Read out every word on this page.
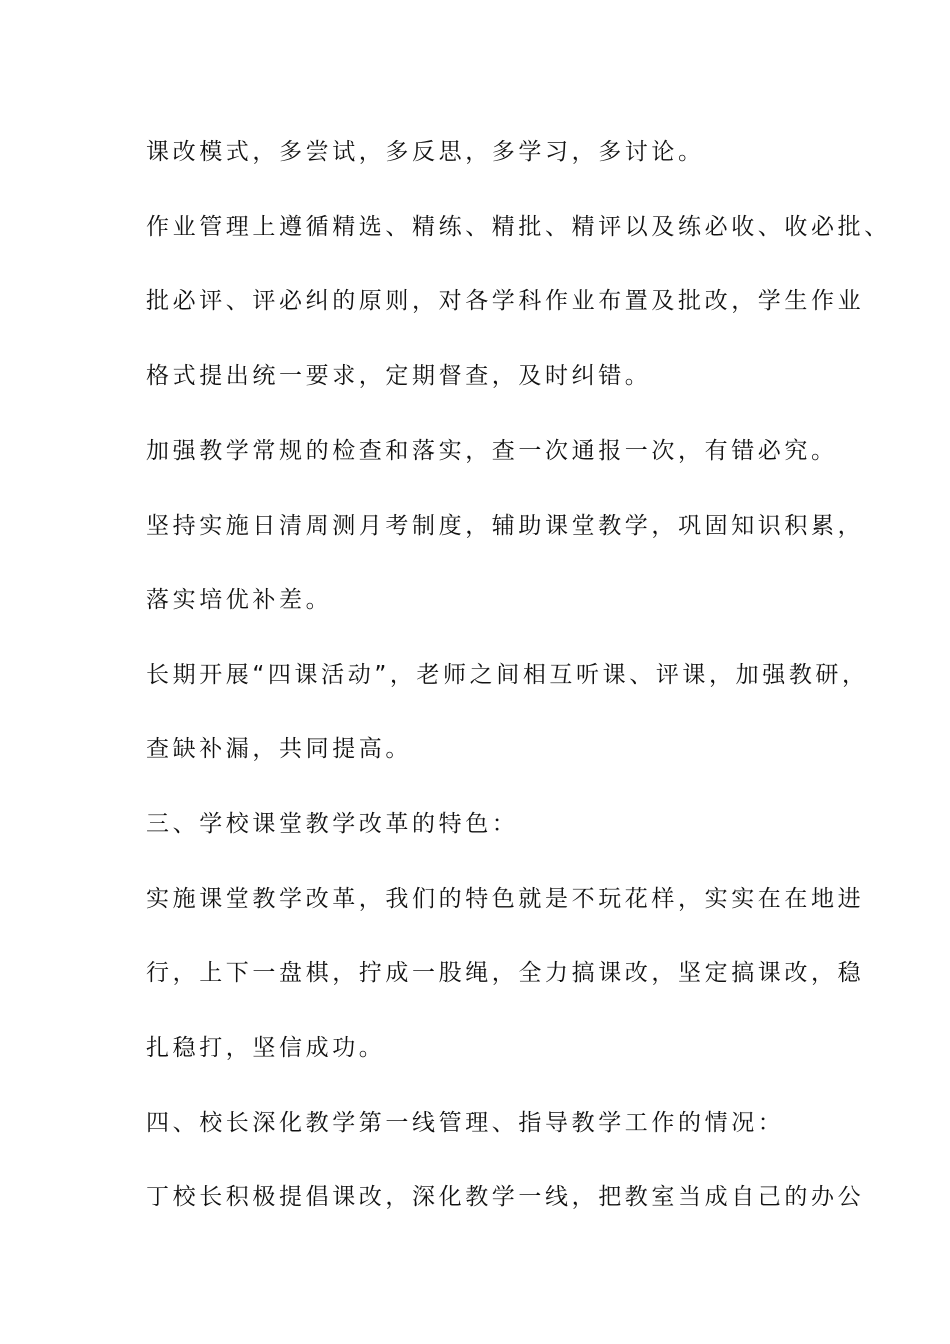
课改模式，多尝试，多反思，多学习，多讨论。
作业管理上遵循精选、精练、精批、精评以及练必收、收必批、
批必评、评必纠的原则，对各学科作业布置及批改，学生作业
格式提出统一要求，定期督查，及时纠错。
加强教学常规的检查和落实，查一次通报一次，有错必究。
坚持实施日清周测月考制度，辅助课堂教学，巩固知识积累，
落实培优补差。
长期开展“四课活动”，老师之间相互听课、评课，加强教研，
查缺补漏，共同提高。
三、学校课堂教学改革的特色：
实施课堂教学改革，我们的特色就是不玩花样，实实在在地进
行，上下一盘棋，拧成一股绳，全力搞课改，坚定搞课改，稳
扎稳打，坚信成功。
四、校长深化教学第一线管理、指导教学工作的情况：
丁校长积极提倡课改，深化教学一线，把教室当成自己的办公
